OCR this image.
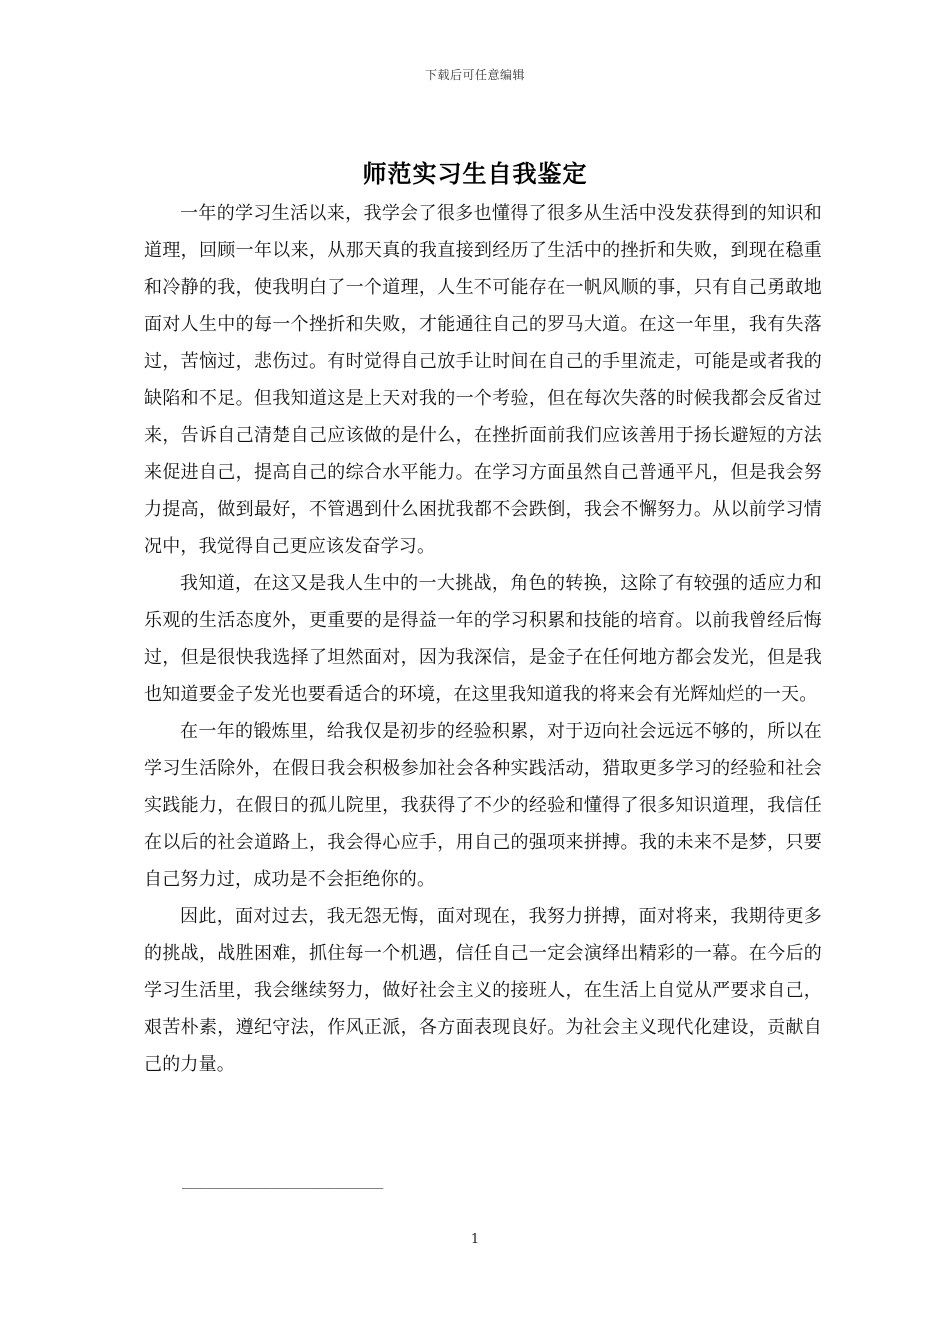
下载后可任意编辑
师范实习生自我鉴定

一年的学习生活以来，我学会了很多也懂得了很多从生活中没发获得到的知识和道理，回顾一年以来，从那天真的我直接到经历了生活中的挫折和失败，到现在稳重和冷静的我，使我明白了一个道理，人生不可能存在一帆风顺的事，只有自己勇敢地面对人生中的每一个挫折和失败，才能通往自己的罗马大道。在这一年里，我有失落过，苦恼过，悲伤过。有时觉得自己放手让时间在自己的手里流走，可能是或者我的缺陷和不足。但我知道这是上天对我的一个考验，但在每次失落的时候我都会反省过来，告诉自己清楚自己应该做的是什么，在挫折面前我们应该善用于扬长避短的方法来促进自己，提高自己的综合水平能力。在学习方面虽然自己普通平凡，但是我会努力提高，做到最好，不管遇到什么困扰我都不会跌倒，我会不懈努力。从以前学习情况中，我觉得自己更应该发奋学习。

我知道，在这又是我人生中的一大挑战，角色的转换，这除了有较强的适应力和乐观的生活态度外，更重要的是得益一年的学习积累和技能的培育。以前我曾经后悔过，但是很快我选择了坦然面对，因为我深信，是金子在任何地方都会发光，但是我也知道要金子发光也要看适合的环境，在这里我知道我的将来会有光辉灿烂的一天。

在一年的锻炼里，给我仅是初步的经验积累，对于迈向社会远远不够的，所以在学习生活除外，在假日我会积极参加社会各种实践活动，猎取更多学习的经验和社会实践能力，在假日的孤儿院里，我获得了不少的经验和懂得了很多知识道理，我信任在以后的社会道路上，我会得心应手，用自己的强项来拼搏。我的未来不是梦，只要自己努力过，成功是不会拒绝你的。

因此，面对过去，我无怨无悔，面对现在，我努力拼搏，面对将来，我期待更多的挑战，战胜困难，抓住每一个机遇，信任自己一定会演绎出精彩的一幕。在今后的学习生活里，我会继续努力，做好社会主义的接班人，在生活上自觉从严要求自己，艰苦朴素，遵纪守法，作风正派，各方面表现良好。为社会主义现代化建设，贡献自己的力量。

______________________
1
